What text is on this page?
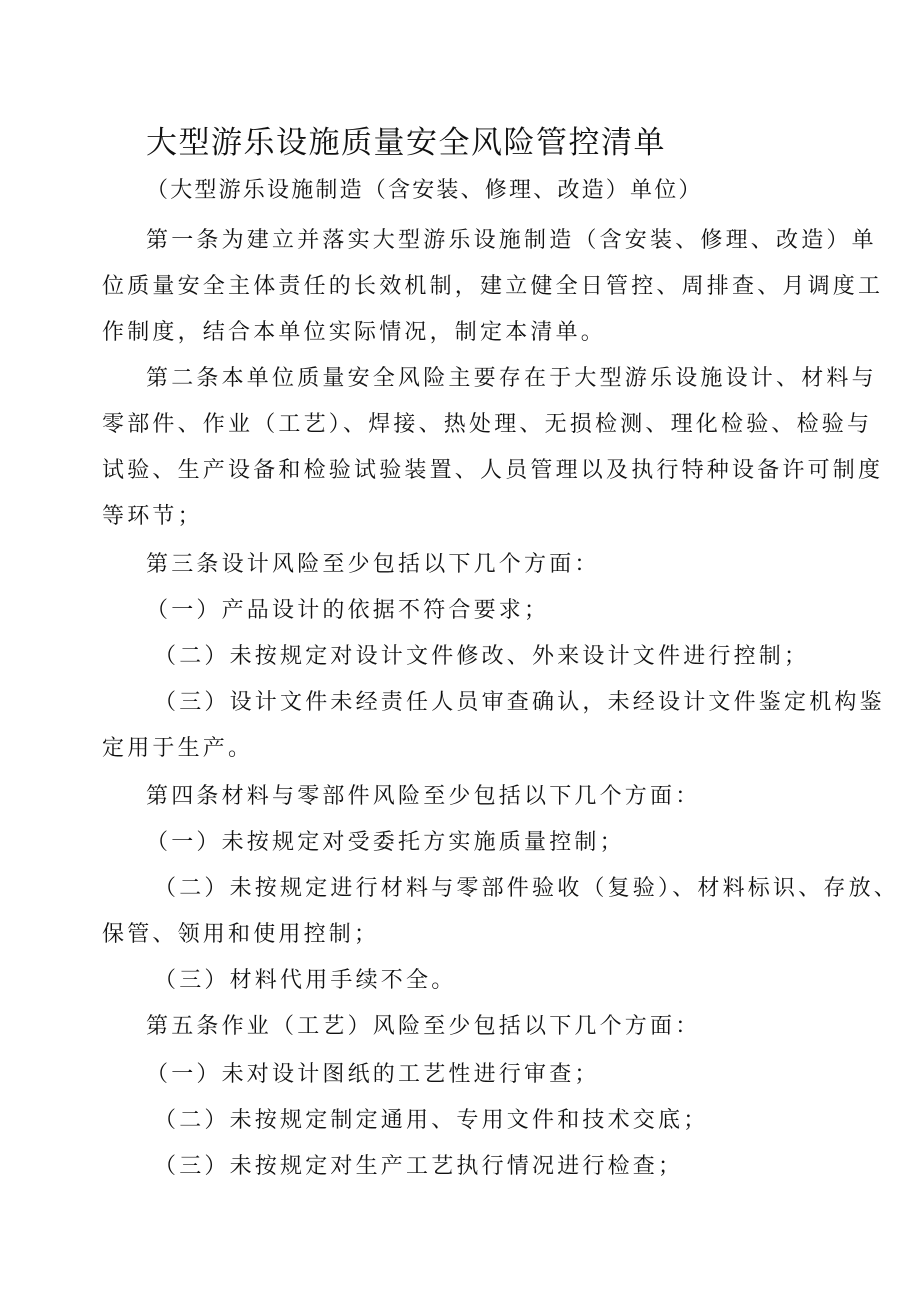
大型游乐设施质量安全风险管控清单
（大型游乐设施制造（含安装、修理、改造）单位）
第一条为建立并落实大型游乐设施制造（含安装、修理、改造）单
位质量安全主体责任的长效机制，建立健全日管控、周排查、月调度工
作制度，结合本单位实际情况，制定本清单。
第二条本单位质量安全风险主要存在于大型游乐设施设计、材料与
零部件、作业（工艺）、焊接、热处理、无损检测、理化检验、检验与
试验、生产设备和检验试验装置、人员管理以及执行特种设备许可制度
等环节；
第三条设计风险至少包括以下几个方面：
（一）产品设计的依据不符合要求；
（二）未按规定对设计文件修改、外来设计文件进行控制；
（三）设计文件未经责任人员审查确认，未经设计文件鉴定机构鉴
定用于生产。
第四条材料与零部件风险至少包括以下几个方面：
（一）未按规定对受委托方实施质量控制；
（二）未按规定进行材料与零部件验收（复验）、材料标识、存放、
保管、领用和使用控制；
（三）材料代用手续不全。
第五条作业（工艺）风险至少包括以下几个方面：
（一）未对设计图纸的工艺性进行审查；
（二）未按规定制定通用、专用文件和技术交底；
（三）未按规定对生产工艺执行情况进行检查；
